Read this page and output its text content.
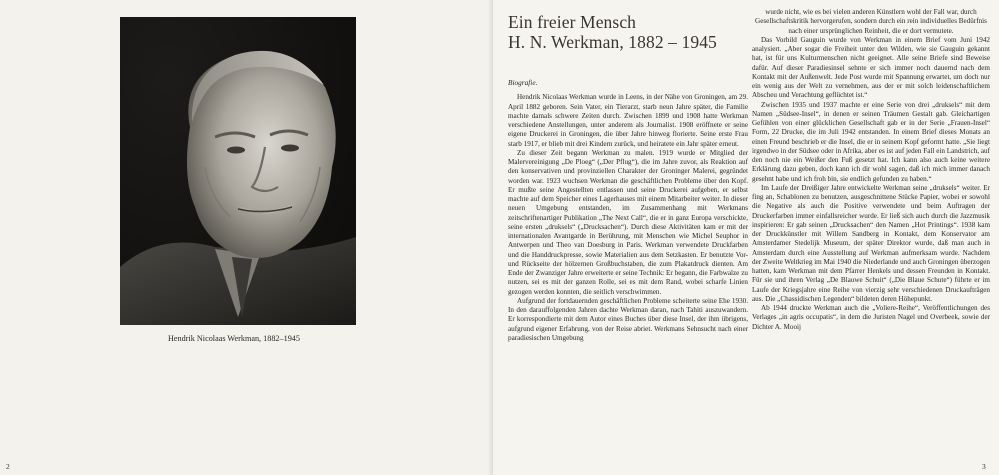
Hendrik Nicolaas Werkman, 1882–1945
2
Ein freier Mensch
H. N. Werkman, 1882 – 1945

Biografie.

Hendrik Nicolaas Werkman wurde in Leens, in der Nähe von Groningen, am 29. April 1882 geboren. Sein Vater, ein Tierarzt, starb neun Jahre später, die Familie machte damals schwere Zeiten durch. Zwischen 1899 und 1908 hatte Werkman verschiedene Anstellungen, unter anderem als Journalist. 1908 eröffnete er seine eigene Druckerei in Groningen, die über Jahre hinweg florierte. Seine erste Frau starb 1917, er blieb mit drei Kindern zurück, und heiratete ein Jahr später erneut.

Zu dieser Zeit begann Werkman zu malen. 1919 wurde er Mitglied der Malervereinigung „De Ploeg“ („Der Pflug“), die im Jahre zuvor, als Reaktion auf den konservativen und provinziellen Charakter der Groninger Malerei, gegründet worden war. 1923 wuchsen Werkman die geschäftlichen Probleme über den Kopf. Er mußte seine Angestellten entlassen und seine Druckerei aufgeben, er selbst machte auf dem Speicher eines Lagerhauses mit einem Mitarbeiter weiter. In dieser neuen Umgebung entstanden, im Zusammenhang mit Werkmans zeitschriftenartiger Publikation „The Next Call“, die er in ganz Europa verschickte, seine ersten „druksels“ („Drucksachen“). Durch diese Aktivitäten kam er mit der internationalen Avantgarde in Berührung, mit Menschen wie Michel Seuphor in Antwerpen und Theo van Doesburg in Paris. Werkman verwendete Druckfarben und die Handdruckpresse, sowie Materialien aus dem Setzkasten. Er benutzte Vor- und Rückseite der hölzernen Großbuchstaben, die zum Plakatdruck dienten. Am Ende der Zwanziger Jahre erweiterte er seine Technik: Er begann, die Farbwalze zu nutzen, sei es mit der ganzen Rolle, sei es mit dem Rand, wobei scharfe Linien gezogen werden konnten, die seitlich verschwimmen.

Aufgrund der fortdauernden geschäftlichen Probleme scheiterte seine Ehe 1930. In den darauffolgenden Jahren dachte Werkman daran, nach Tahiti auszuwandern. Er korrespondierte mit dem Autor eines Buches über diese Insel, der ihm übrigens, aufgrund eigener Erfahrung, von der Reise abriet. Werkmans Sehnsucht nach einer paradiesischen Umgebung

wurde nicht, wie es bei vielen anderen Künstlern wohl der Fall war, durch Gesellschaftskritik hervorgerufen, sondern durch ein rein individuelles Bedürfnis nach einer ursprünglichen Reinheit, die er dort vermutete.

Das Vorbild Gauguin wurde von Werkman in einem Brief vom Juni 1942 analysiert. „Aber sogar die Freiheit unter den Wilden, wie sie Gauguin gekannt hat, ist für uns Kulturmenschen nicht geeignet. Alle seine Briefe sind Beweise dafür. Auf dieser Paradiesinsel sehnte er sich immer noch dauernd nach dem Kontakt mit der Außenwelt. Jede Post wurde mit Spannung erwartet, um doch nur ein wenig aus der Welt zu vernehmen, aus der er mit solch leidenschaftlichem Abscheu und Verachtung geflüchtet ist.“

Zwischen 1935 und 1937 machte er eine Serie von drei „druksels“ mit dem Namen „Südsee-Insel“, in denen er seinen Träumen Gestalt gab. Gleichartigen Gefühlen von einer glücklichen Gesellschaft gab er in der Serie „Frauen-Insel“ Form, 22 Drucke, die im Juli 1942 entstanden. In einem Brief dieses Monats an einen Freund beschrieb er die Insel, die er in seinem Kopf geformt hatte. „Sie liegt irgendwo in der Südsee oder in Afrika, aber es ist auf jeden Fall ein Landstrich, auf den noch nie ein Weißer den Fuß gesetzt hat. Ich kann also auch keine weitere Erklärung dazu geben, doch kann ich dir wohl sagen, daß ich mich immer danach gesehnt habe und ich froh bin, sie endlich gefunden zu haben.“

Im Laufe der Dreißiger Jahre entwickelte Werkman seine „druksels“ weiter. Er fing an, Schablonen zu benutzen, ausgeschnittene Stücke Papier, wobei er sowohl die Negative als auch die Positive verwendete und beim Auftragen der Druckerfarben immer einfallsreicher wurde. Er ließ sich auch durch die Jazzmusik inspirieren: Er gab seinen „Drucksachen“ den Namen „Hot Printings“. 1938 kam der Druckkünstler mit Willem Sandberg in Kontakt, dem Konservator am Amsterdamer Stedelijk Museum, der später Direktor wurde, daß man auch in Amsterdam durch eine Ausstellung auf Werkman aufmerksam wurde. Nachdem der Zweite Weltkrieg im Mai 1940 die Niederlande und auch Groningen überzogen hatten, kam Werkman mit dem Pfarrer Henkels und dessen Freunden in Kontakt. Für sie und ihren Verlag „De Blauwe Schuit“ („Die Blaue Schute“) führte er im Laufe der Kriegsjahre eine Reihe von vierzig sehr verschiedenen Druckaufträgen aus. Die „Chassidischen Legenden“ bildeten deren Höhepunkt.

Ab 1944 druckte Werkman auch die „Voliere-Reihe“, Veröffentlichungen des Verlages „in agris occupatis“, in dem die Juristen Nagel und Overbeek, sowie der Dichter A. Mooij

3
